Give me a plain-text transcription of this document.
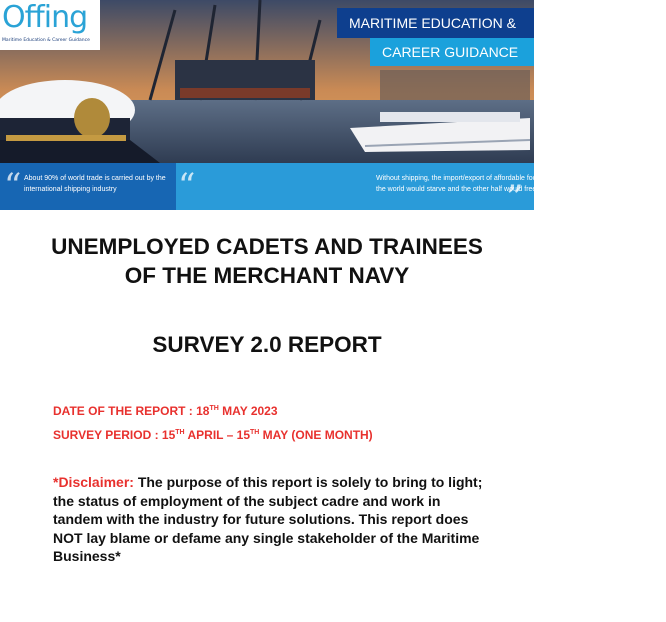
Offing
Maritime Education & Career Guidance
MARITIME EDUCATION &
CAREER GUIDANCE
“ About 90% of world trade is carried out by the international shipping industry	“	Without shipping, the import/export of affordable food and goods would not be possible - half the world would starve and the other half would freeze!
”
UNEMPLOYED CADETS AND TRAINEES OF THE MERCHANT NAVY
SURVEY 2.0 REPORT
DATE OF THE REPORT : 18TH MAY 2023
SURVEY PERIOD : 15TH APRIL – 15TH MAY (ONE MONTH)
*Disclaimer: The purpose of this report is solely to bring to light; the status of employment of the subject cadre and work in tandem with the industry for future solutions. This report does NOT lay blame or defame any single stakeholder of the Maritime Business*
